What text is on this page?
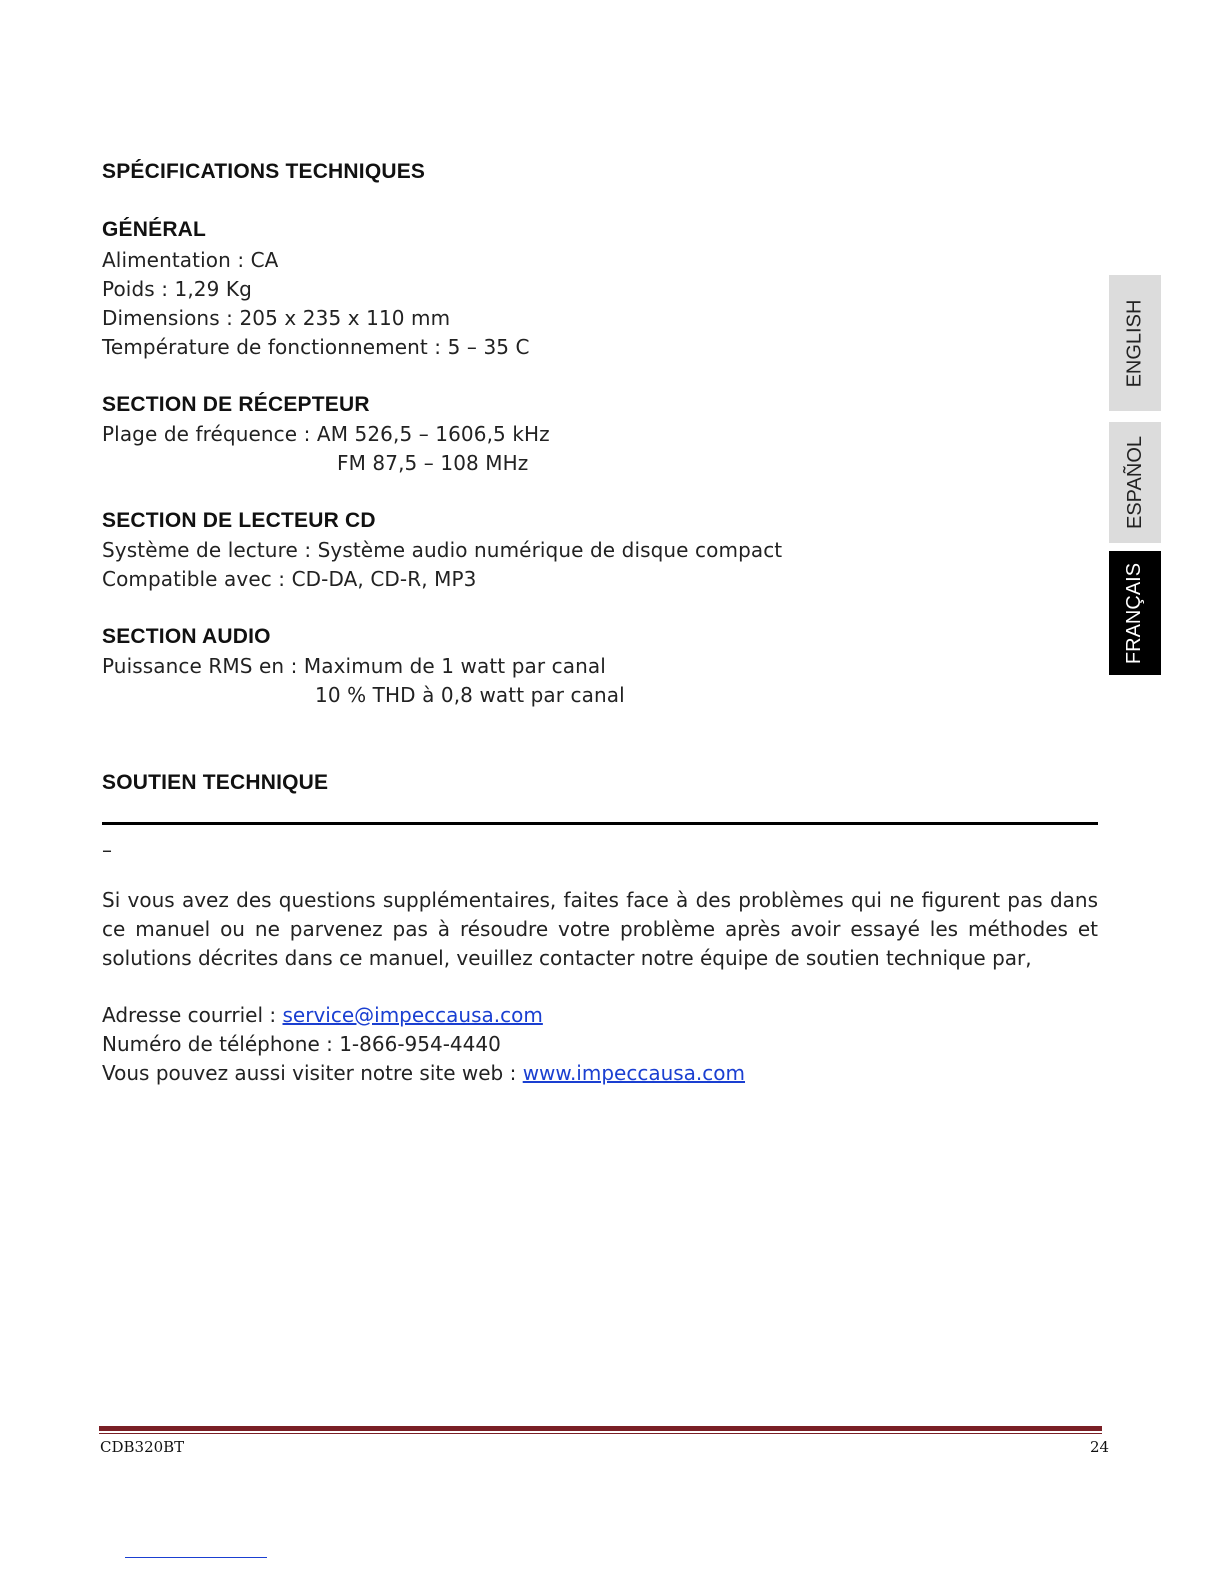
SPÉCIFICATIONS TECHNIQUES
GÉNÉRAL

Alimentation : CA

Poids : 1,29 Kg

Dimensions : 205 x 235 x 110 mm

Température de fonctionnement : 5 – 35 C

SECTION DE RÉCEPTEUR

Plage de fréquence : AM 526,5 – 1606,5 kHz

FM 87,5 – 108 MHz

SECTION DE LECTEUR CD

Système de lecture : Système audio numérique de disque compact

Compatible avec : CD-DA, CD-R, MP3

SECTION AUDIO

Puissance RMS en : Maximum de 1 watt par canal

10 % THD à 0,8 watt par canal

SOUTIEN TECHNIQUE
–

Si vous avez des questions supplémentaires, faites face à des problèmes qui ne figurent pas dans ce manuel ou ne parvenez pas à résoudre votre problème après avoir essayé les méthodes et solutions décrites dans ce manuel, veuillez contacter notre équipe de soutien technique par,

Adresse courriel : service@impeccausa.com

Numéro de téléphone : 1-866-954-4440

Vous pouvez aussi visiter notre site web : www.impeccausa.com

ENGLISH
ESPAÑOL
FRANÇAIS
CDB320BT	24
